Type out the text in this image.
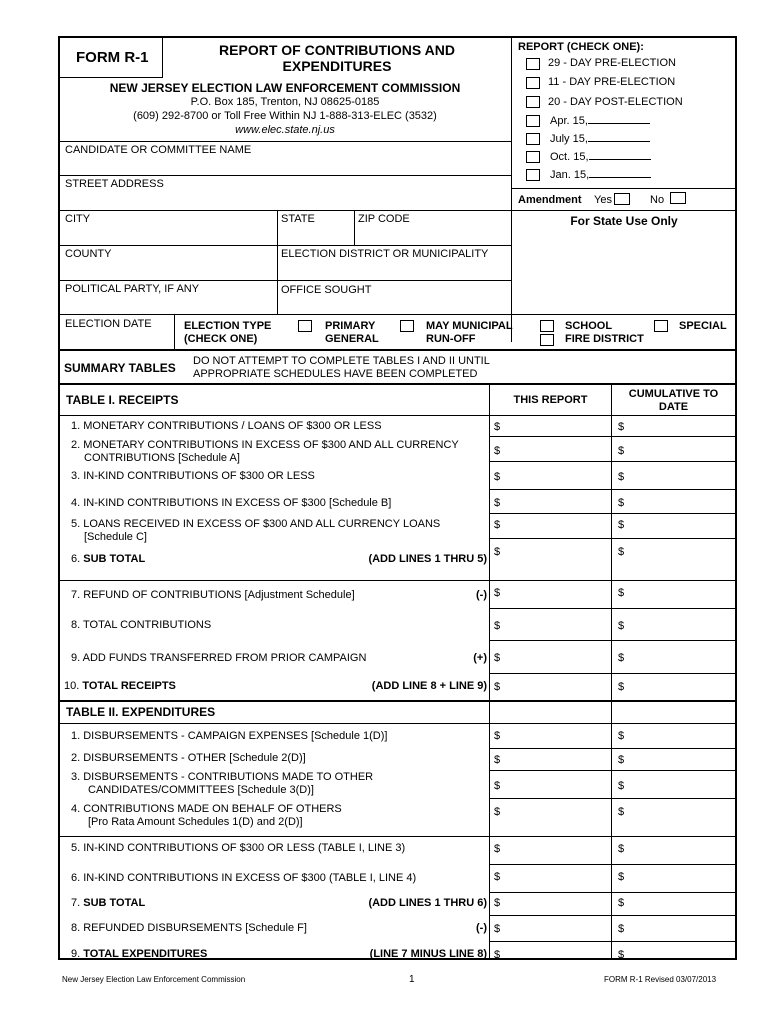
FORM R-1	REPORT OF CONTRIBUTIONS AND
EXPENDITURES
NEW JERSEY ELECTION LAW ENFORCEMENT COMMISSION
P.O. Box 185, Trenton, NJ 08625-0185
(609) 292-8700 or Toll Free Within NJ 1-888-313-ELEC (3532)
www.elec.state.nj.us
REPORT (CHECK ONE):
29 - DAY PRE-ELECTION
11 - DAY PRE-ELECTION
20 - DAY POST-ELECTION
Apr. 15,
July 15,
Oct. 15,
Jan. 15,
Amendment Yes	No
For State Use Only
CANDIDATE OR COMMITTEE NAME
STREET ADDRESS
CITY	STATE	ZIP CODE
COUNTY	ELECTION DISTRICT OR MUNICIPALITY
POLITICAL PARTY, IF ANY	OFFICE SOUGHT
ELECTION DATE	ELECTION TYPE
(CHECK ONE)
PRIMARY
GENERAL
MAY MUNICIPAL
RUN-OFF
SCHOOL
FIRE DISTRICT
SPECIAL
SUMMARY TABLES DO NOT ATTEMPT TO COMPLETE TABLES I AND II UNTIL
APPROPRIATE SCHEDULES HAVE BEEN COMPLETED
TABLE I. RECEIPTS	THIS REPORT	CUMULATIVE TO
DATE
1. MONETARY CONTRIBUTIONS / LOANS OF $300 OR LESS	$	$
2. MONETARY CONTRIBUTIONS IN EXCESS OF $300 AND ALL CURRENCY
CONTRIBUTIONS [Schedule A]
$	$
3. IN-KIND CONTRIBUTIONS OF $300 OR LESS	$	$
4. IN-KIND CONTRIBUTIONS IN EXCESS OF $300 [Schedule B]	$	$
5. LOANS RECEIVED IN EXCESS OF $300 AND ALL CURRENCY LOANS
[Schedule C]
$	$
6. SUB TOTAL	(ADD LINES 1 THRU 5)
$	$
7. REFUND OF CONTRIBUTIONS [Adjustment Schedule]	(-) $	$
8. TOTAL CONTRIBUTIONS	$	$
9. ADD FUNDS TRANSFERRED FROM PRIOR CAMPAIGN	(+) $	$
10. TOTAL RECEIPTS	(ADD LINE 8 + LINE 9) $	$
TABLE II. EXPENDITURES
1. DISBURSEMENTS - CAMPAIGN EXPENSES [Schedule 1(D)]	$	$
2. DISBURSEMENTS - OTHER [Schedule 2(D)]	$	$
3. DISBURSEMENTS - CONTRIBUTIONS MADE TO OTHER
CANDIDATES/COMMITTEES [Schedule 3(D)]	$	$
4. CONTRIBUTIONS MADE ON BEHALF OF OTHERS
[Pro Rata Amount Schedules 1(D) and 2(D)]
$	$
5. IN-KIND CONTRIBUTIONS OF $300 OR LESS (TABLE I, LINE 3)	$	$
6. IN-KIND CONTRIBUTIONS IN EXCESS OF $300 (TABLE I, LINE 4)	$	$
7. SUB TOTAL	(ADD LINES 1 THRU 6) $	$
8. REFUNDED DISBURSEMENTS [Schedule F]	(-) $	$
9. TOTAL EXPENDITURES	(LINE 7 MINUS LINE 8) $	$
New Jersey Election Law Enforcement Commission	1	FORM R-1 Revised 03/07/2013
